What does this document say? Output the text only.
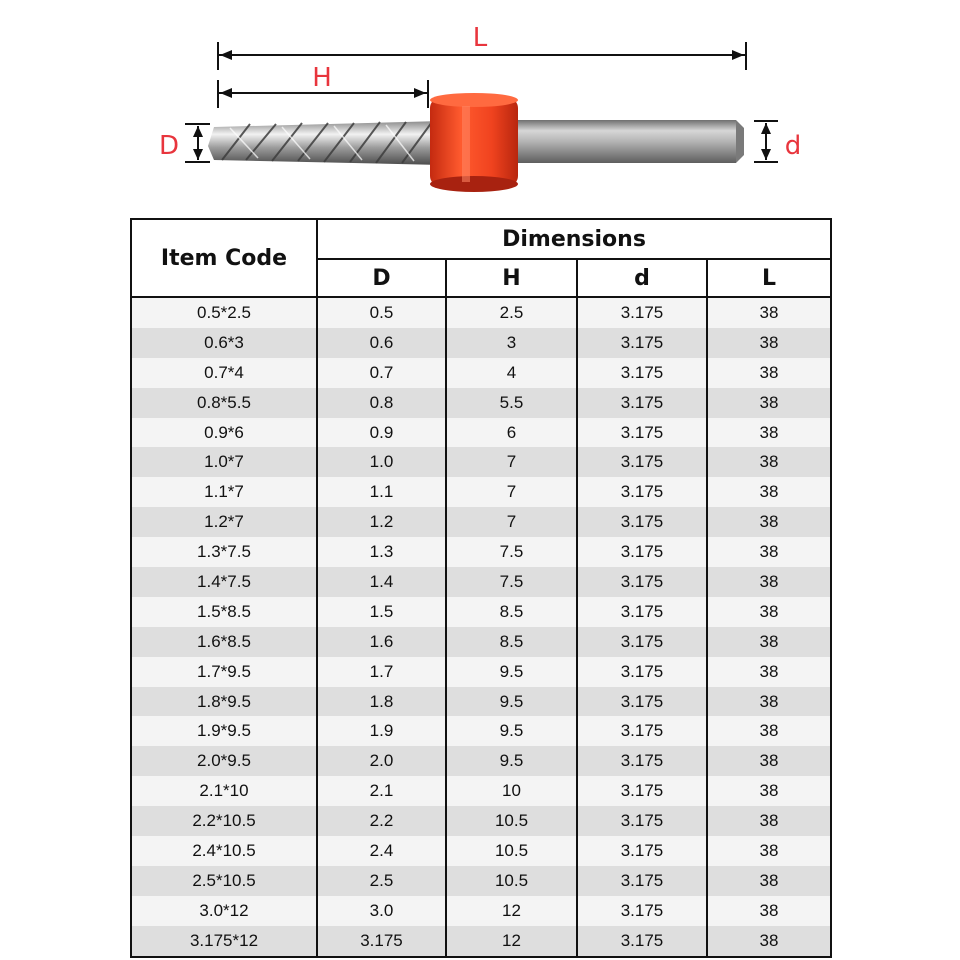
L
H
D	d
Item Code	Dimensions			
	D	H	d	L
0.5*2.5	0.5	2.5	3.175	38
0.6*3	0.6	3	3.175	38
0.7*4	0.7	4	3.175	38
0.8*5.5	0.8	5.5	3.175	38
0.9*6	0.9	6	3.175	38
1.0*7	1.0	7	3.175	38
1.1*7	1.1	7	3.175	38
1.2*7	1.2	7	3.175	38
1.3*7.5	1.3	7.5	3.175	38
1.4*7.5	1.4	7.5	3.175	38
1.5*8.5	1.5	8.5	3.175	38
1.6*8.5	1.6	8.5	3.175	38
1.7*9.5	1.7	9.5	3.175	38
1.8*9.5	1.8	9.5	3.175	38
1.9*9.5	1.9	9.5	3.175	38
2.0*9.5	2.0	9.5	3.175	38
2.1*10	2.1	10	3.175	38
2.2*10.5	2.2	10.5	3.175	38
2.4*10.5	2.4	10.5	3.175	38
2.5*10.5	2.5	10.5	3.175	38
3.0*12	3.0	12	3.175	38
3.175*12	3.175	12	3.175	38
